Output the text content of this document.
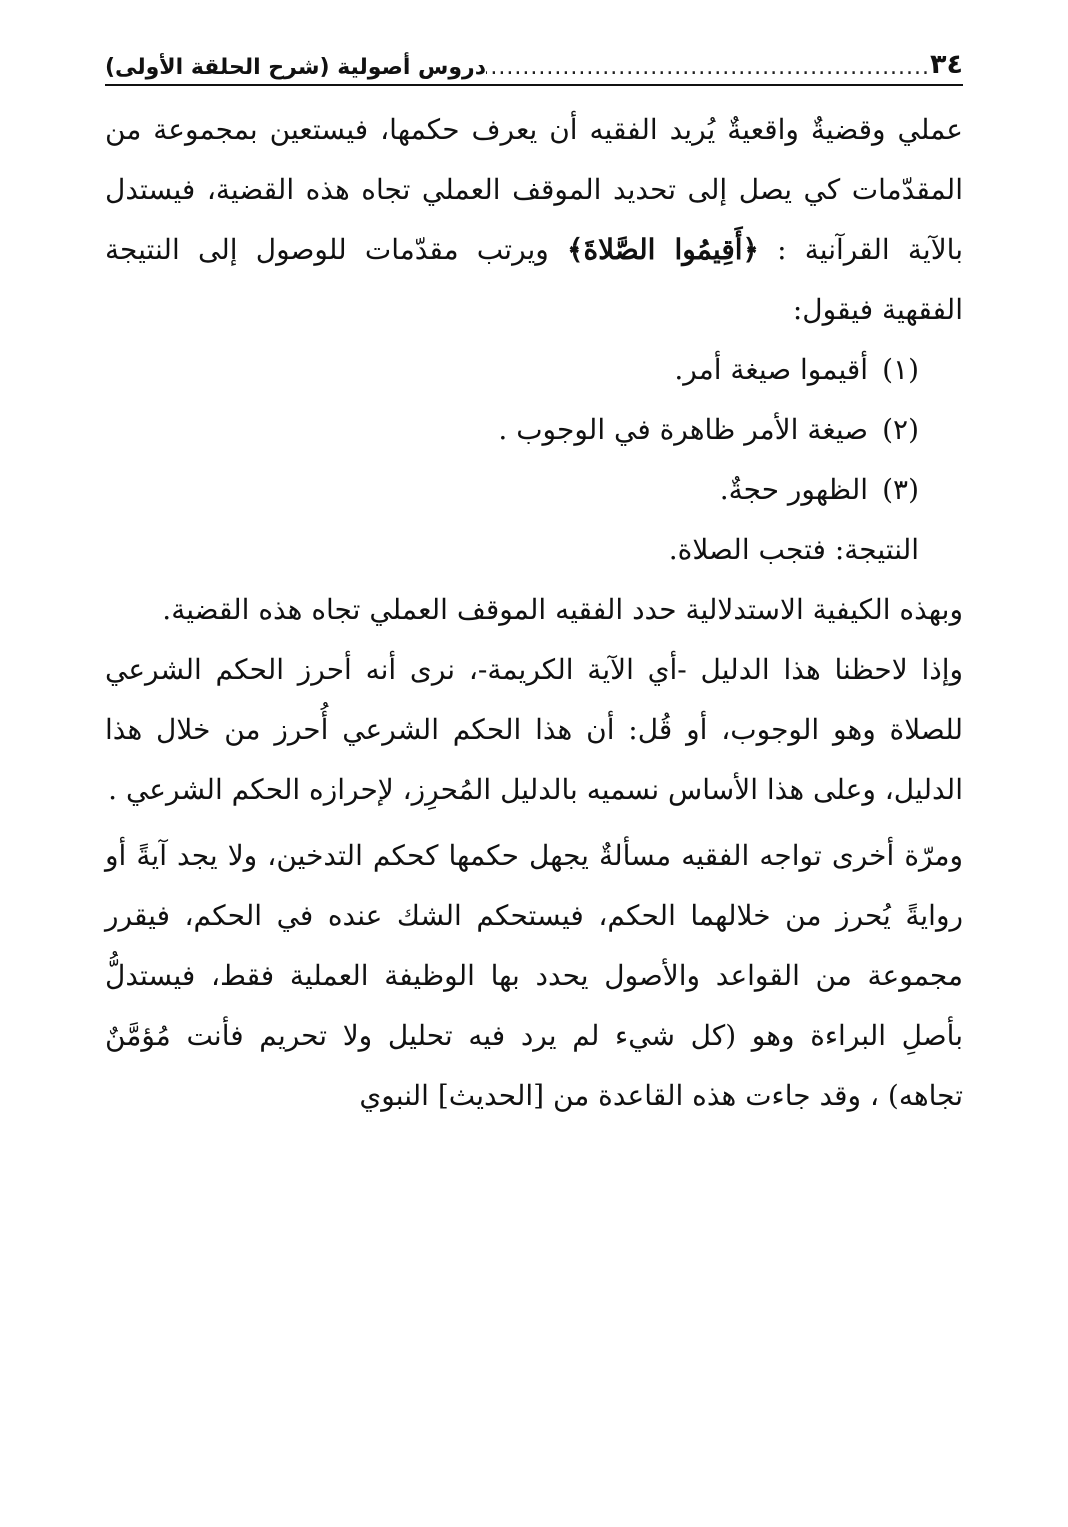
٣٤
.....
دروس أصولية (شرح الحلقة الأولى)

عملي وقضيةٌ واقعيةٌ يُريد الفقيه أن يعرف حكمها، فيستعين بمجموعة من المقدّمات كي يصل إلى تحديد الموقف العملي تجاه هذه القضية، فيستدل بالآية القرآنية : ﴿أَقِيمُوا الصَّلاةَ﴾ ويرتب مقدّمات للوصول إلى النتيجة الفقهية فيقول:

(١)
أقيموا صيغة أمر.
(٢)
صيغة الأمر ظاهرة في الوجوب .
(٣)
الظهور حجةٌ.

النتيجة: فتجب الصلاة.

وبهذه الكيفية الاستدلالية حدد الفقيه الموقف العملي تجاه هذه القضية.

وإذا لاحظنا هذا الدليل -أي الآية الكريمة-، نرى أنه أحرز الحكم الشرعي للصلاة وهو الوجوب، أو قُل: أن هذا الحكم الشرعي أُحرز من خلال هذا الدليل، وعلى هذا الأساس نسميه بالدليل المُحرِز، لإحرازه الحكم الشرعي .

ومرّة أخرى تواجه الفقيه مسألةٌ يجهل حكمها كحكم التدخين، ولا يجد آيةً أو روايةً يُحرز من خلالهما الحكم، فيستحكم الشك عنده في الحكم، فيقرر مجموعة من القواعد والأصول يحدد بها الوظيفة العملية فقط، فيستدلُّ بأصلِ البراءة وهو (كل شيء لم يرد فيه تحليل ولا تحريم فأنت مُؤمَّنٌ تجاهه) ، وقد جاءت هذه القاعدة من [الحديث] النبوي
